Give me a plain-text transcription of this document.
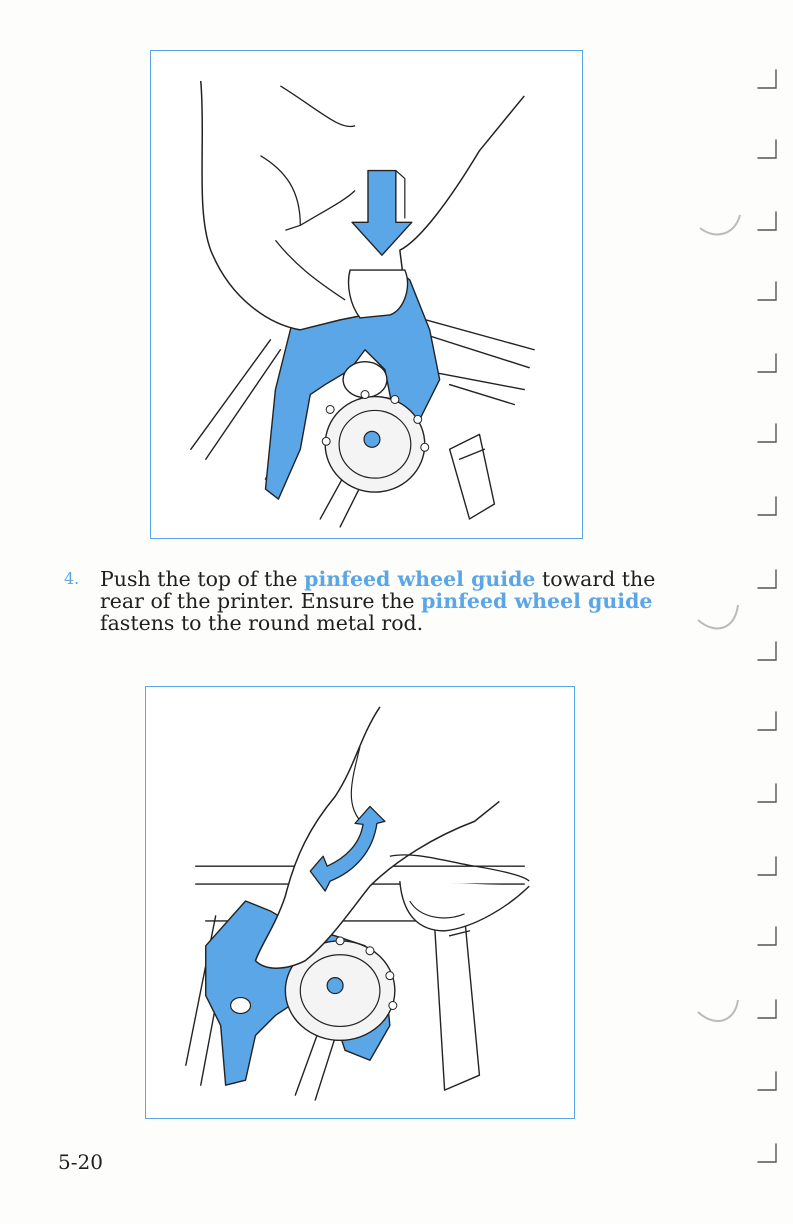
4. Push the top of the pinfeed wheel guide toward the
rear of the printer. Ensure the pinfeed wheel guide
fastens to the round metal rod.
5-20
